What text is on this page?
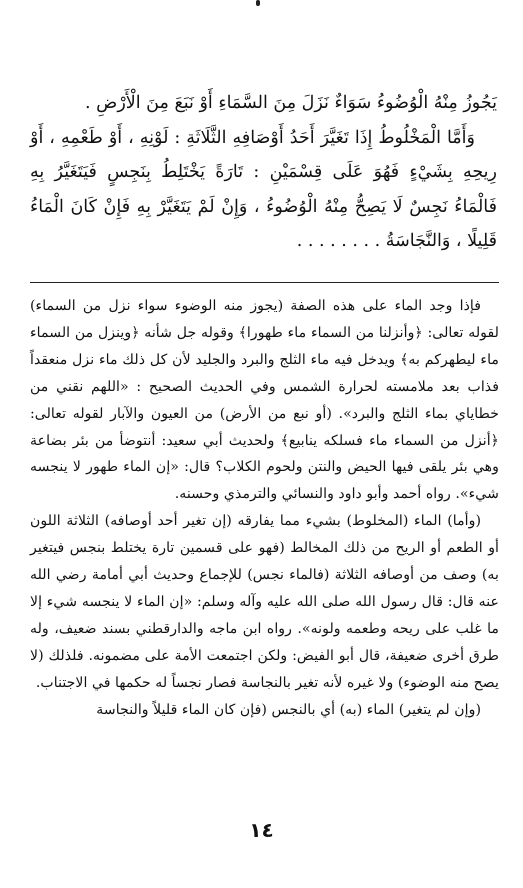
يَجُوزُ مِنْهُ الْوُضُوءُ سَوَاءٌ نَزَلَ مِنَ السَّمَاءِ أَوْ نَبَعَ مِنَ الْأَرْضِ .

وَأَمَّا الْمَخْلُوطُ إِذَا تَغَيَّرَ أَحَدُ أَوْصَافِهِ الثَّلَاثَةِ : لَوْنِهِ ، أَوْ طَعْمِهِ ، أَوْ رِيحِهِ بِشَيْءٍ فَهُوَ عَلَى قِسْمَيْنِ : تَارَةً يَخْتَلِطُ بِنَجِسٍ فَيَتَغَيَّرُ بِهِ فَالْمَاءُ نَجِسٌ لَا يَصِحُّ مِنْهُ الْوُضُوءُ ، وَإِنْ لَمْ يَتَغَيَّرْ بِهِ فَإِنْ كَانَ الْمَاءُ قَلِيلًا ، وَالنَّجَاسَةُ . . . . . . . .

فإذا وجد الماء على هذه الصفة (يجوز منه الوضوء سواء نزل من السماء) لقوله تعالى: ﴿وأنزلنا من السماء ماء طهورا﴾ وقوله جل شأنه ﴿وينزل من السماء ماء ليطهركم به﴾ ويدخل فيه ماء الثلج والبرد والجليد لأن كل ذلك ماء نزل منعقداً فذاب بعد ملامسته لحرارة الشمس وفي الحديث الصحيح : «اللهم نقني من خطاياي بماء الثلج والبرد». (أو نبع من الأرض) من العيون والآبار لقوله تعالى: ﴿أنزل من السماء ماء فسلكه ينابيع﴾ ولحديث أبي سعيد: أنتوضأ من بئر بضاعة وهي بئر يلقى فيها الحيض والنتن ولحوم الكلاب؟ قال: «إن الماء طهور لا ينجسه شيء». رواه أحمد وأبو داود والنسائي والترمذي وحسنه.

(وأما) الماء (المخلوط) بشيء مما يفارقه (إن تغير أحد أوصافه) الثلاثة اللون أو الطعم أو الريح من ذلك المخالط (فهو على قسمين تارة يختلط بنجس فيتغير به) وصف من أوصافه الثلاثة (فالماء نجس) للإجماع وحديث أبي أمامة رضي الله عنه قال: قال رسول الله صلى الله عليه وآله وسلم: «إن الماء لا ينجسه شيء إلا ما غلب على ريحه وطعمه ولونه». رواه ابن ماجه والدارقطني بسند ضعيف، وله طرق أخرى ضعيفة، قال أبو الفيض: ولكن اجتمعت الأمة على مضمونه. فلذلك (لا يصح منه الوضوء) ولا غيره لأنه تغير بالنجاسة فصار نجساً له حكمها في الاجتناب.

(وإن لم يتغير) الماء (به) أي بالنجس (فإن كان الماء قليلاً والنجاسة

١٤
